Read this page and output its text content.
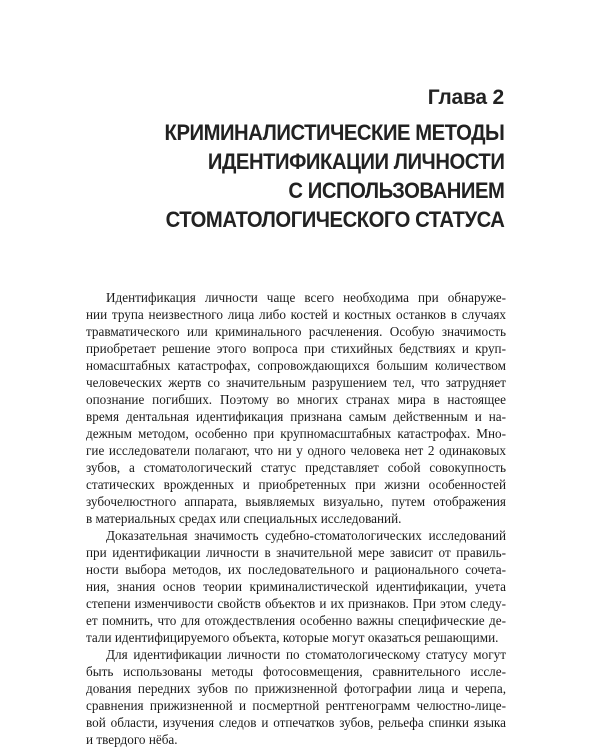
Глава 2
КРИМИНАЛИСТИЧЕСКИЕ МЕТОДЫ
ИДЕНТИФИКАЦИИ ЛИЧНОСТИ
С ИСПОЛЬЗОВАНИЕМ
СТОМАТОЛОГИЧЕСКОГО СТАТУСА
Идентификация личности чаще всего необходима при обнаруже-
нии трупа неизвестного лица либо костей и костных останков в случаях
травматического или криминального расчленения. Особую значимость
приобретает решение этого вопроса при стихийных бедствиях и круп-
номасштабных катастрофах, сопровождающихся большим количеством
человеческих жертв со значительным разрушением тел, что затрудняет
опознание погибших. Поэтому во многих странах мира в настоящее
время дентальная идентификация признана самым действенным и на-
дежным методом, особенно при крупномасштабных катастрофах. Мно-
гие исследователи полагают, что ни у одного человека нет 2 одинаковых
зубов, а стоматологический статус представляет собой совокупность
статических врожденных и приобретенных при жизни особенностей
зубочелюстного аппарата, выявляемых визуально, путем отображения
в материальных средах или специальных исследований.
Доказательная значимость судебно-стоматологических исследований
при идентификации личности в значительной мере зависит от правиль-
ности выбора методов, их последовательного и рационального сочета-
ния, знания основ теории криминалистической идентификации, учета
степени изменчивости свойств объектов и их признаков. При этом следу-
ет помнить, что для отождествления особенно важны специфические де-
тали идентифицируемого объекта, которые могут оказаться решающими.
Для идентификации личности по стоматологическому статусу могут
быть использованы методы фотосовмещения, сравнительного иссле-
дования передних зубов по прижизненной фотографии лица и черепа,
сравнения прижизненной и посмертной рентгенограмм челюстно-лице-
вой области, изучения следов и отпечатков зубов, рельефа спинки языка
и твердого нёба.
